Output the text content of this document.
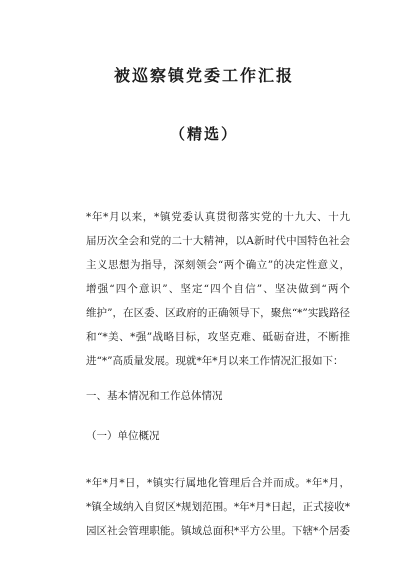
被巡察镇党委工作汇报
（精选）
*年*月以来，*镇党委认真贯彻落实党的十九大、十九
届历次全会和党的二十大精神，以A新时代中国特色社会
主义思想为指导，深刻领会“两个确立”的决定性意义，
增强“四个意识”、坚定“四个自信”、坚决做到“两个
维护”，在区委、区政府的正确领导下，聚焦“*”实践路径
和“*美、*强”战略目标，攻坚克难、砥砺奋进，不断推
进“*”高质量发展。现就*年*月以来工作情况汇报如下：
一、基本情况和工作总体情况
（一）单位概况
*年*月*日，*镇实行属地化管理后合并而成。*年*月，
*镇全域纳入自贸区*规划范围。*年*月*日起，正式接收*
园区社会管理职能。镇域总面积*平方公里。下辖*个居委
